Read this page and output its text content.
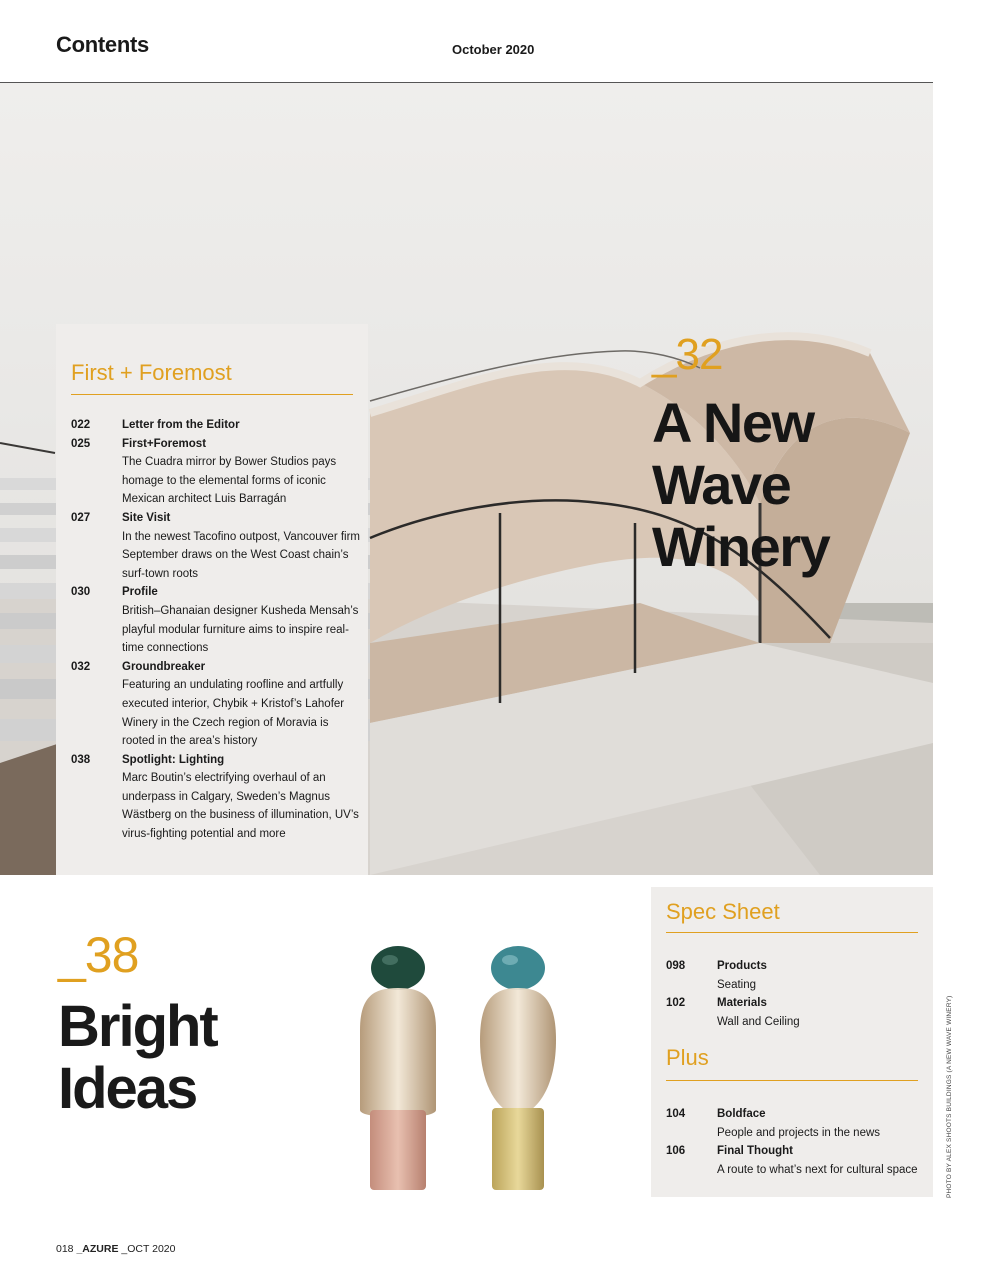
Contents	October 2020
_32
A New
Wave
Winery
First + Foremost
022	Letter from the Editor
025	First+Foremost
The Cuadra mirror by Bower Studios pays homage to the elemental forms of iconic Mexican architect Luis Barragán
027	Site Visit
In the newest Tacofino outpost, Vancouver firm September draws on the West Coast chain’s surf-town roots
030	Profile
British–Ghanaian designer Kusheda Mensah’s playful modular furniture aims to inspire real-time connections
032	Groundbreaker
Featuring an undulating roofline and artfully executed interior, Chybik + Kristof’s Lahofer Winery in the Czech region of Moravia is rooted in the area’s history
038	Spotlight: Lighting
Marc Boutin’s electrifying overhaul of an underpass in Calgary, Sweden’s Magnus Wästberg on the business of illumination, UV’s virus-fighting potential and more
_38
Bright
Ideas
Spec Sheet
098	Products
Seating
102	Materials
Wall and Ceiling
Plus
104	Boldface
People and projects in the news
106	Final Thought
A route to what’s next for cultural space	PHOTO BY ALEX SHOOTS BUILDINGS (A NEW WAVE WINERY)
018 _AZURE _OCT 2020
